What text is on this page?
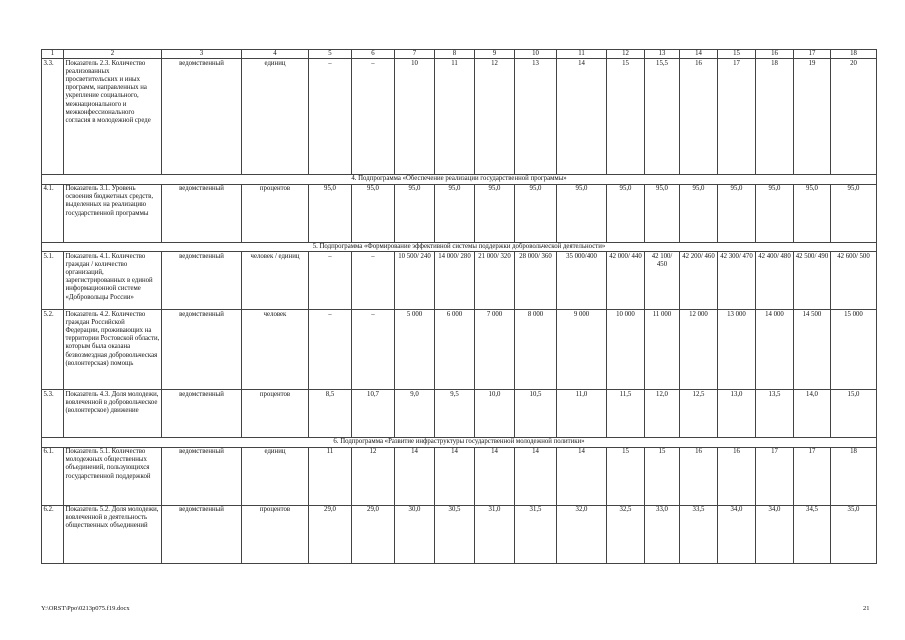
1	2	3	4	5	6	7	8	9	10	11	12	13	14	15	16	17	18
3.3.	Показатель 2.3. Количество реализованных просветительских и иных программ, направленных на укрепление социального, межнационального и межконфессионального согласия в молодежной среде	ведомственный	единиц	–	–	10	11	12	13	14	15	15,5	16	17	18	19	20
4. Подпрограмма «Обеспечение реализации государственной программы»																	
4.1.	Показатель 3.1. Уровень освоения бюджетных средств, выделенных на реализацию государственной программы	ведомственный	процентов	95,0	95,0	95,0	95,0	95,0	95,0	95,0	95,0	95,0	95,0	95,0	95,0	95,0	95,0
5. Подпрограмма «Формирование эффективной системы поддержки добровольческой деятельности»																	
5.1.	Показатель 4.1. Количество граждан / количество организаций, зарегистрированных в единой информационной системе «Добровольцы России»	ведомственный	человек / единиц	–	–	10 500/ 240	14 000/ 280	21 000/ 320	28 000/ 360	35 000/400	42 000/ 440	42 100/ 450	42 200/ 460	42 300/ 470	42 400/ 480	42 500/ 490	42 600/ 500
5.2.	Показатель 4.2. Количество граждан Российской Федерации, проживающих на территории Ростовской области, которым была оказана безвозмездная добровольческая (волонтерская) помощь	ведомственный	человек	–	–	5 000	6 000	7 000	8 000	9 000	10 000	11 000	12 000	13 000	14 000	14 500	15 000
5.3.	Показатель 4.3. Доля молодежи, вовлеченной в добровольческое (волонтерское) движение	ведомственный	процентов	8,5	10,7	9,0	9,5	10,0	10,5	11,0	11,5	12,0	12,5	13,0	13,5	14,0	15,0
6. Подпрограмма «Развитие инфраструктуры государственной молодежной политики»																	
6.1.	Показатель 5.1. Количество молодежных общественных объединений, пользующихся государственной поддержкой	ведомственный	единиц	11	12	14	14	14	14	14	15	15	16	16	17	17	18
6.2.	Показатель 5.2. Доля молодежи, вовлеченной в деятельность общественных объединений	ведомственный	процентов	29,0	29,0	30,0	30,5	31,0	31,5	32,0	32,5	33,0	33,5	34,0	34,0	34,5	35,0
Y:\ORST\Ppo\0213p075.f19.docx	21
